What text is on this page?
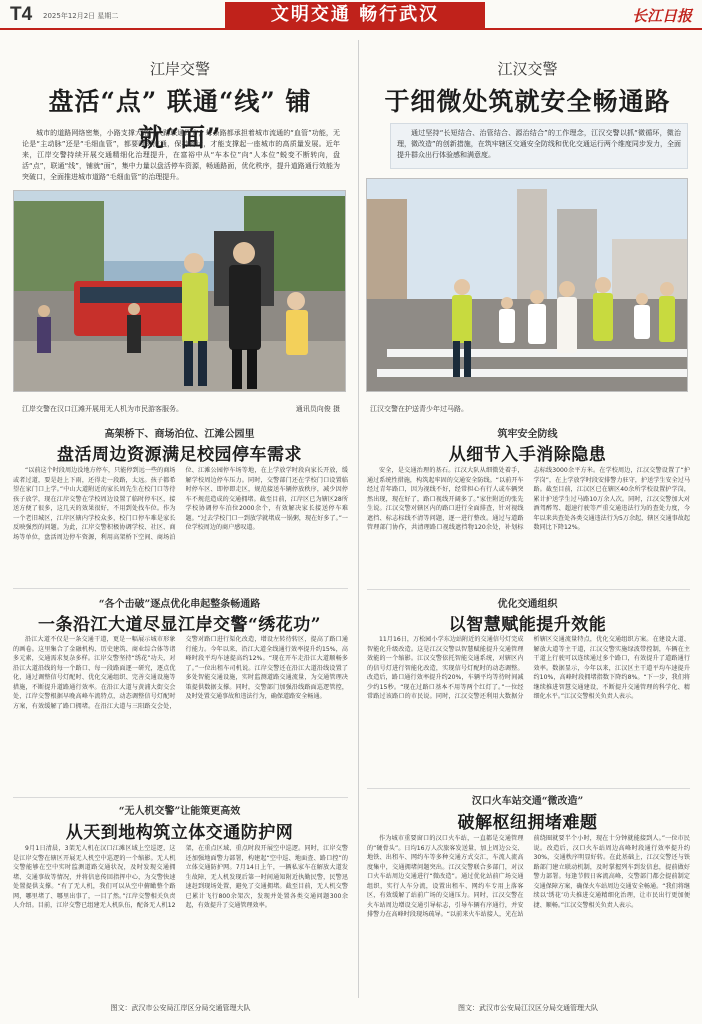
T4 2025年12月2日 星期二	文明交通 畅行武汉	长江日报
江岸交警
盘活“点” 联通“线” 铺就“面”
城市的道路网络密集，小路支撑大路，大路联通四方，每条路都承担着城市流通的“血管”功能，无论是“主动脉”还是“毛细血管”，都要时刻流通，保持畅达，才能支撑起一座城市的高质量发展。近年来，江岸交警持续开展交通精细化治理提升，在富裕中从“车本位”向“人本位”蜕变不断转向，盘活“点”，联通“线”，铺就“面”，集中力量以盘活停车资源，畅通路面，优化秩序，提升道路通行效能为突破口，全面推进城市道路“毛细血管”的治理提升。
江岸交警在汉口江滩开展用无人机为市民游客服务。	通讯员向俊 摄
高架桥下、商场泊位、江滩公园里
盘活周边资源满足校园停车需求

“以前这个时段周边没地方停车，只能停到远一些的商场或者过道，要是赶上下雨，还得走一段路，太远。孩子都希望在家门口上学。”中山大道附近的家长周先生在校门口等待孩子放学，现在江岸交警在学校周边设置了临时停车区，接送方便了很多，这几天的效果很好，不用到处找车位。作为一个老旧城区，江岸区辖内学校众多，校门口停车难是家长反映强烈的问题。为此，江岸交警积极协调学校、社区、商场等单位，盘活周边停车资源，利用高架桥下空间、商场泊位、江滩公园停车场等地，在上学放学时段向家长开放，缓解学校周边停车压力。同时，交警部门还在学校门口设置临时停车区、即停即走区，规范接送车辆停放秩序，减少因停车不规范造成的交通拥堵。截至目前，江岸区已为辖区28所学校协调停车泊位2000余个，有效解决家长接送停车难题。“过去学校门口一到放学就堵成一锅粥，现在好多了。”一位学校周边的商户感叹道。

“各个击破”逐点优化串起整条畅通路
一条沿江大道尽显江岸交警“绣花功”

沿江大道不仅是一条交通干道，更是一幅展示城市形象的画卷。这里集合了金融机构、历史建筑、商业综合体等诸多元素，交通需求复杂多样。江岸交警坚持“绣花”功夫，对沿江大道沿线的每一个路口、每一段路面逐一研究，逐点优化，通过调整信号灯配时、优化交通组织、完善交通设施等措施，不断提升道路通行效率。在沿江大道与黄浦大街交会处，江岸交警根据早晚高峰车流特点，动态调整信号灯配时方案，有效缓解了路口拥堵。在沿江大道与三阳路交会处，交警对路口进行渠化改造，增设左转待转区，提高了路口通行能力。今年以来，沿江大道全线通行效率提升约15%，高峰时段平均车速提高约12%。“现在开车走沿江大道顺畅多了。”一位出租车司机说。江岸交警还在沿江大道沿线设置了多处智能交通设施，实时监测道路交通流量，为交通管理决策提供数据支撑。同时，交警部门加强沿线路面巡逻管控，及时处置交通事故和违法行为，确保道路安全畅通。

“无人机交警”让能策更高效
从天到地构筑立体交通防护网

9月1日清晨，3架无人机在汉口江滩区域上空巡逻，这是江岸交警在辖区开展无人机空中巡逻的一个缩影。无人机交警能够在空中实时监测道路交通状况，及时发现交通拥堵、交通事故等情况，并将信息传回指挥中心，为交警快速处置提供支撑。“有了无人机，我们可以从空中俯瞰整个路网，哪里堵了、哪里出事了，一目了然。”江岸交警相关负责人介绍。目前，江岸交警已组建无人机队伍，配备无人机12架，在重点区域、重点时段开展空中巡逻。同时，江岸交警还加强地面警力部署，构建起“空中巡、地面查、路口控”的立体交通防护网。7月14日上午，一辆私家车在解放大道发生故障，无人机发现后第一时间通知附近执勤民警，民警迅速赶到现场处置，避免了交通拥堵。截至目前，无人机交警已累计飞行800余架次，发现并处置各类交通问题300余起，有效提升了交通管理效率。

江汉交警
于细微处筑就安全畅通路
通过坚持“长短结合、治管结合、源治结合”的工作理念，江汉交警以抓“微循环，微治理，微改造”的创新措施，在筑牢辖区交通安全防线和优化交通运行两个维度同步发力，全面提升群众出行体验感和满意度。
江汉交警在护送青少年过马路。
筑牢安全防线
从细节入手消除隐患

安全，是交通治理的基石。江汉大队从细微处着手，通过系统性措施，构筑起牢固的交通安全防线。“以前开车经过青年路口，因为视线不好，经常担心有行人或车辆突然出现，现在好了，路口视线开阔多了。”家住附近的张先生说。江汉交警对辖区内的路口进行全面排查，针对视线遮挡、标志标线不清等问题，逐一进行整改。通过与道路管理部门协作，共清理路口视线遮挡物120余处，补划标志标线3000余平方米。在学校周边，江汉交警设置了“护学岗”，在上学放学时段安排警力驻守，护送学生安全过马路。截至目前，江汉区已在辖区40余所学校设置护学岗，累计护送学生过马路10万余人次。同时，江汉交警加大对酒驾醉驾、超速行驶等严重交通违法行为的查处力度，今年以来共查处各类交通违法行为5万余起，辖区交通事故起数同比下降12%。

优化交通组织
以智慧赋能提升效能

11月16日，万松园小学东边站附近的交通信号灯完成智能化升级改造。这是江汉交警以智慧赋能提升交通管理效能的一个缩影。江汉交警依托智能交通系统，对辖区内的信号灯进行智能化改造，实现信号灯配时的动态调整。改造后，路口通行效率提升约20%，车辆平均等待时间减少约15秒。“现在过路口基本不用等两个红灯了。”一位经常路过该路口的市民说。同时，江汉交警还利用大数据分析辖区交通流量特点，优化交通组织方案。在建设大道、解放大道等主干道，江汉交警实施绿波带控制，车辆在主干道上行驶可以连续通过多个路口，有效提升了道路通行效率。数据显示，今年以来，江汉区主干道平均车速提升约10%，高峰时段拥堵指数下降约8%。“下一步，我们将继续推进智慧交通建设，不断提升交通管理的科学化、精细化水平。”江汉交警相关负责人表示。

汉口火车站交通“微改造”
破解枢纽拥堵难题

作为城市重要窗口的汉口火车站，一直都是交通管理的“硬骨头”。日均16万人次旅客发送量，加上周边公交、地铁、出租车、网约车等多种交通方式交汇，车流人流高度集中，交通拥堵问题突出。江汉交警联合多部门，对汉口火车站周边交通进行“微改造”。通过优化站前广场交通组织，实行人车分流，设置出租车、网约车专用上落客区，有效缓解了站前广场的交通压力。同时，江汉交警在火车站周边增设交通引导标志，引导车辆有序通行，并安排警力在高峰时段现场疏导。“以前来火车站接人，光在站前绕圈就要半个小时，现在十分钟就能接到人。”一位市民说。改造后，汉口火车站周边高峰时段通行效率提升约30%，交通秩序明显好转。在此基础上，江汉交警还与铁路部门建立联动机制，及时掌握列车到发信息，提前做好警力部署。每逢节假日客流高峰，交警部门都会提前制定交通保障方案，确保火车站周边交通安全畅通。“我们将继续以‘绣花’功夫推进交通精细化治理，让市民出行更加便捷、顺畅。”江汉交警相关负责人表示。

图文：武汉市公安局江岸区分局交通管理大队	图文：武汉市公安局江汉区分局交通管理大队
